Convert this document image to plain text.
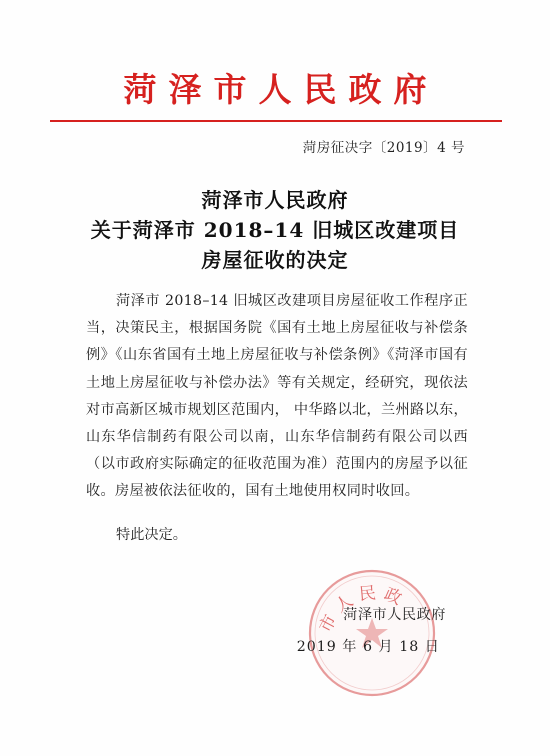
菏泽市人民政府
菏房征决字〔2019〕4 号
菏泽市人民政府
关于菏泽市 2018–14 旧城区改建项目
房屋征收的决定
菏泽市 2018–14 旧城区改建项目房屋征收工作程序正当，决策民主，根据国务院《国有土地上房屋征收与补偿条例》《山东省国有土地上房屋征收与补偿条例》《菏泽市国有土地上房屋征收与补偿办法》等有关规定，经研究，现依法对市高新区城市规划区范围内， 中华路以北，兰州路以东，山东华信制药有限公司以南，山东华信制药有限公司以西（以市政府实际确定的征收范围为准）范围内的房屋予以征收。房屋被依法征收的，国有土地使用权同时收回。
特此决定。
市人民政
菏泽市人民政府
2019 年 6 月 18 日
